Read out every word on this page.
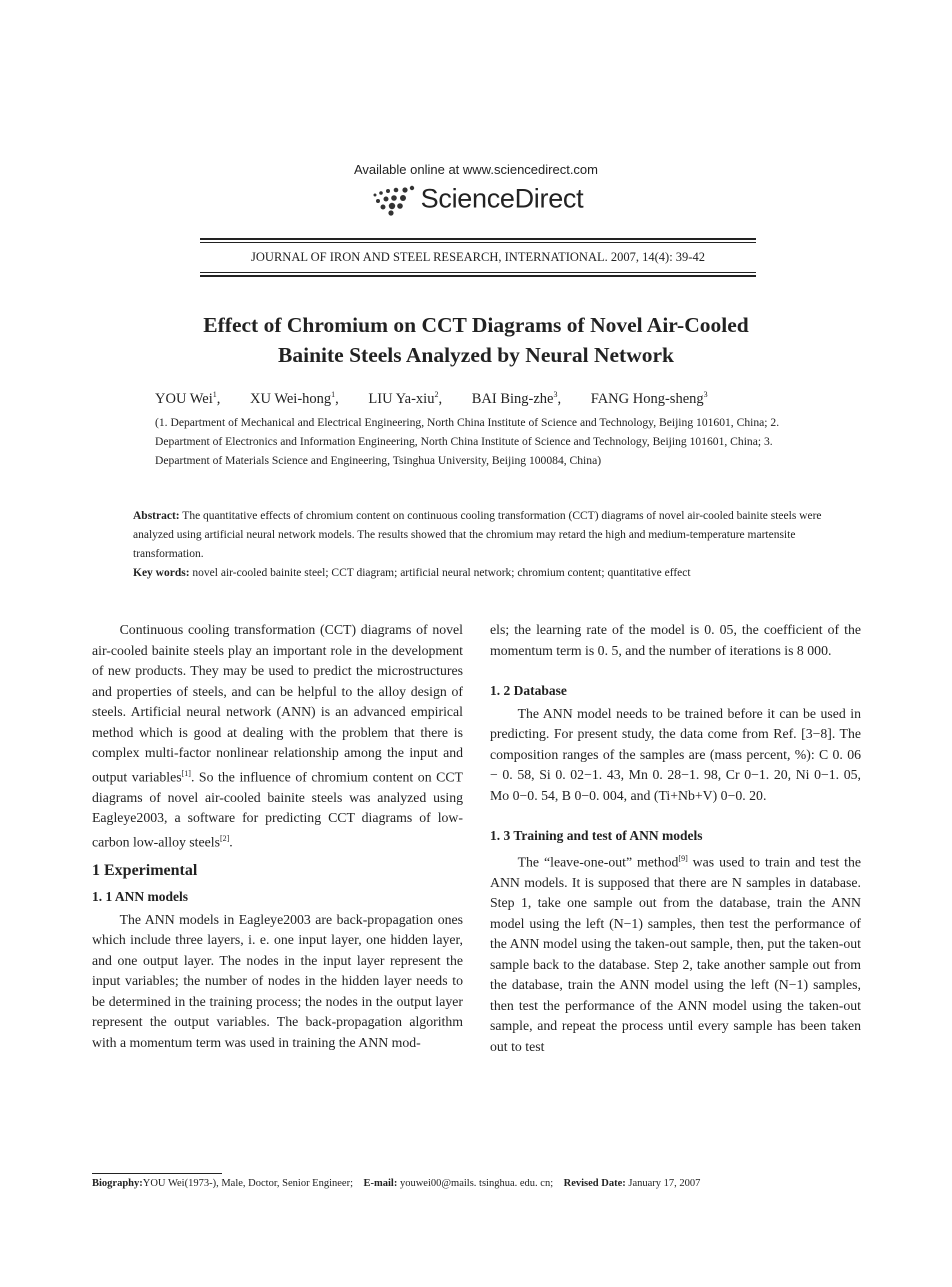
Available online at www.sciencedirect.com
ScienceDirect
JOURNAL OF IRON AND STEEL RESEARCH, INTERNATIONAL. 2007, 14(4): 39-42
Effect of Chromium on CCT Diagrams of Novel Air-Cooled
Bainite Steels Analyzed by Neural Network
YOU Wei$^1$, XU Wei-hong$^1$, LIU Ya-xiu$^2$, BAI Bing-zhe$^3$, FANG Hong-sheng$^3$
(1. Department of Mechanical and Electrical Engineering, North China Institute of Science and Technology, Beijing 101601, China; 2. Department of Electronics and Information Engineering, North China Institute of Science and Technology, Beijing 101601, China; 3. Department of Materials Science and Engineering, Tsinghua University, Beijing 100084, China)
Abstract: The quantitative effects of chromium content on continuous cooling transformation (CCT) diagrams of novel air-cooled bainite steels were analyzed using artificial neural network models. The results showed that the chromium may retard the high and medium-temperature martensite transformation.
Key words: novel air-cooled bainite steel; CCT diagram; artificial neural network; chromium content; quantitative effect

Continuous cooling transformation (CCT) diagrams of novel air-cooled bainite steels play an important role in the development of new products. They may be used to predict the microstructures and properties of steels, and can be helpful to the alloy design of steels. Artificial neural network (ANN) is an advanced empirical method which is good at dealing with the problem that there is complex multi-factor nonlinear relationship among the input and output variables[1]. So the influence of chromium content on CCT diagrams of novel air-cooled bainite steels was analyzed using Eagleye2003, a software for predicting CCT diagrams of low-carbon low-alloy steels[2].

1 Experimental
1. 1 ANN models

The ANN models in Eagleye2003 are back-propagation ones which include three layers, i. e. one input layer, one hidden layer, and one output layer. The nodes in the input layer represent the input variables; the number of nodes in the hidden layer needs to be determined in the training process; the nodes in the output layer represent the output variables. The back-propagation algorithm with a momentum term was used in training the ANN mod-

els; the learning rate of the model is 0. 05, the coefficient of the momentum term is 0. 5, and the number of iterations is 8 000.

1. 2 Database

The ANN model needs to be trained before it can be used in predicting. For present study, the data come from Ref. [3−8]. The composition ranges of the samples are (mass percent, %): C 0. 06 − 0. 58, Si 0. 02−1. 43, Mn 0. 28−1. 98, Cr 0−1. 20, Ni 0−1. 05, Mo 0−0. 54, B 0−0. 004, and (Ti+Nb+V) 0−0. 20.

1. 3 Training and test of ANN models

The “leave-one-out” method[9] was used to train and test the ANN models. It is supposed that there are N samples in database. Step 1, take one sample out from the database, train the ANN model using the left (N−1) samples, then test the performance of the ANN model using the taken-out sample, then, put the taken-out sample back to the database. Step 2, take another sample out from the database, train the ANN model using the left (N−1) samples, then test the performance of the ANN model using the taken-out sample, and repeat the process until every sample has been taken out to test

Biography:YOU Wei(1973-), Male, Doctor, Senior Engineer; E-mail: youwei00@mails. tsinghua. edu. cn; Revised Date: January 17, 2007
